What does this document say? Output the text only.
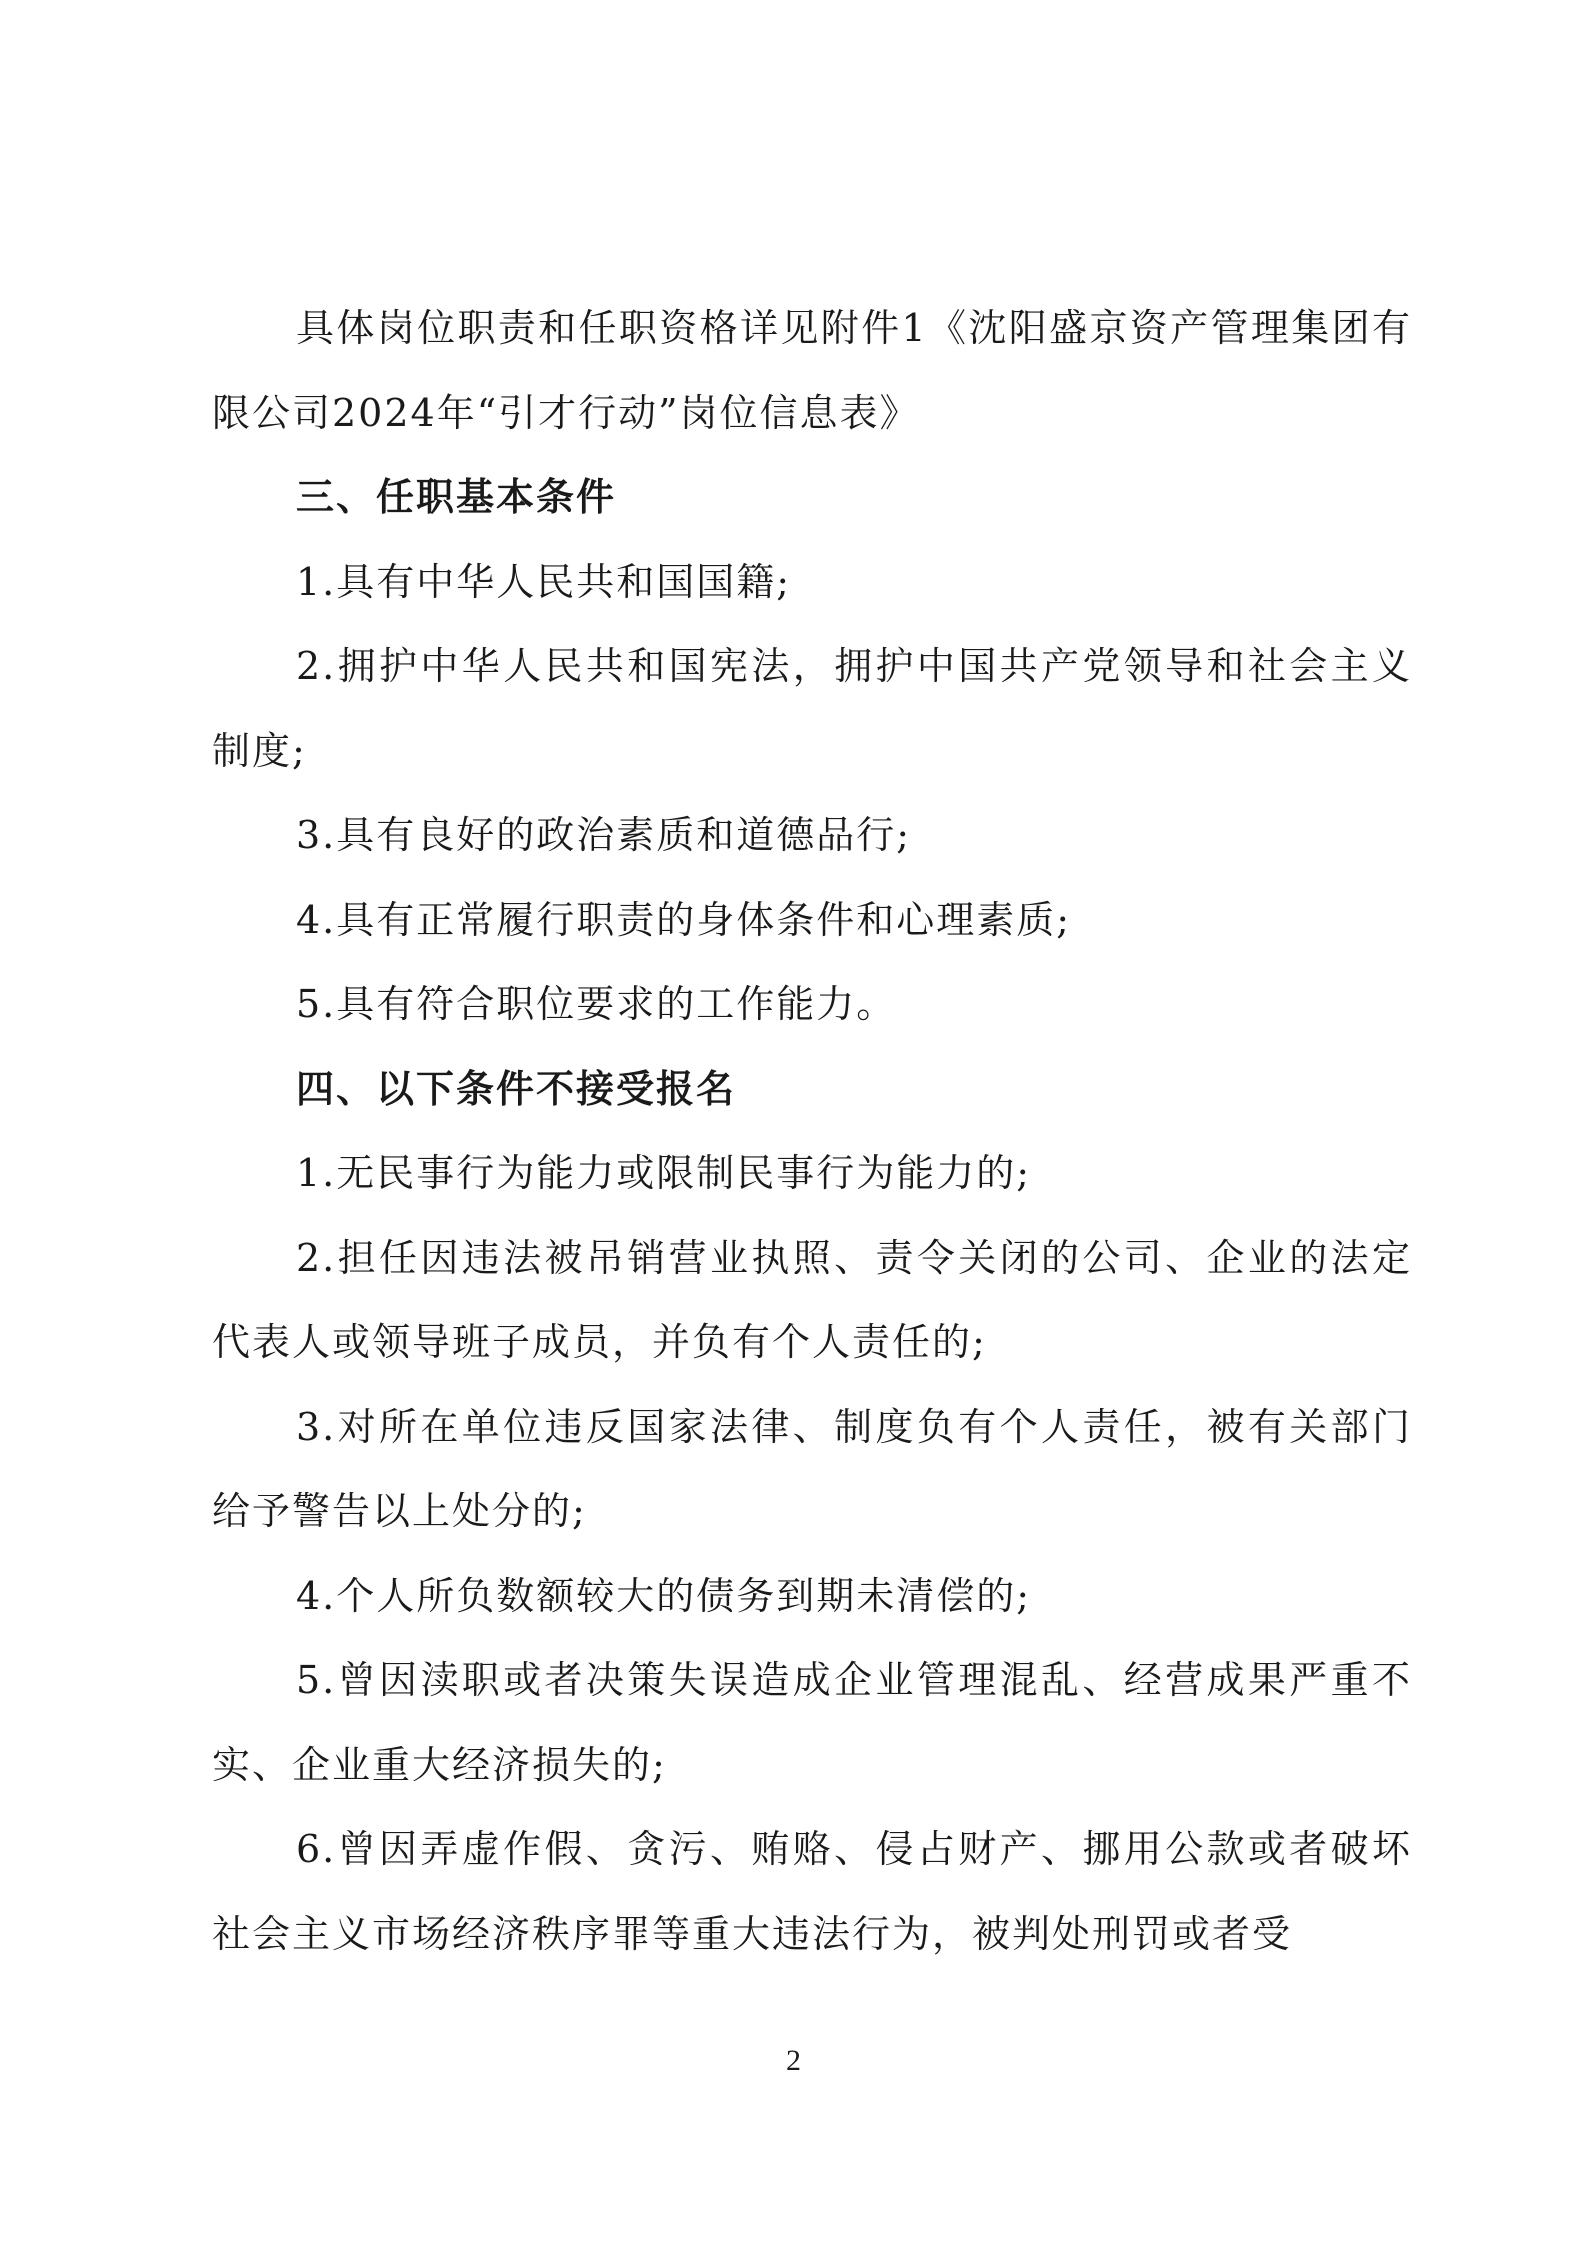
具体岗位职责和任职资格详见附件1《沈阳盛京资产管理集团有限公司2024年“引才行动”岗位信息表》

三、任职基本条件

1.具有中华人民共和国国籍;

2.拥护中华人民共和国宪法，拥护中国共产党领导和社会主义制度;

3.具有良好的政治素质和道德品行;

4.具有正常履行职责的身体条件和心理素质;

5.具有符合职位要求的工作能力。

四、以下条件不接受报名

1.无民事行为能力或限制民事行为能力的;

2.担任因违法被吊销营业执照、责令关闭的公司、企业的法定代表人或领导班子成员，并负有个人责任的;

3.对所在单位违反国家法律、制度负有个人责任，被有关部门给予警告以上处分的;

4.个人所负数额较大的债务到期未清偿的;

5.曾因渎职或者决策失误造成企业管理混乱、经营成果严重不实、企业重大经济损失的;

6.曾因弄虚作假、贪污、贿赂、侵占财产、挪用公款或者破坏社会主义市场经济秩序罪等重大违法行为，被判处刑罚或者受

2
